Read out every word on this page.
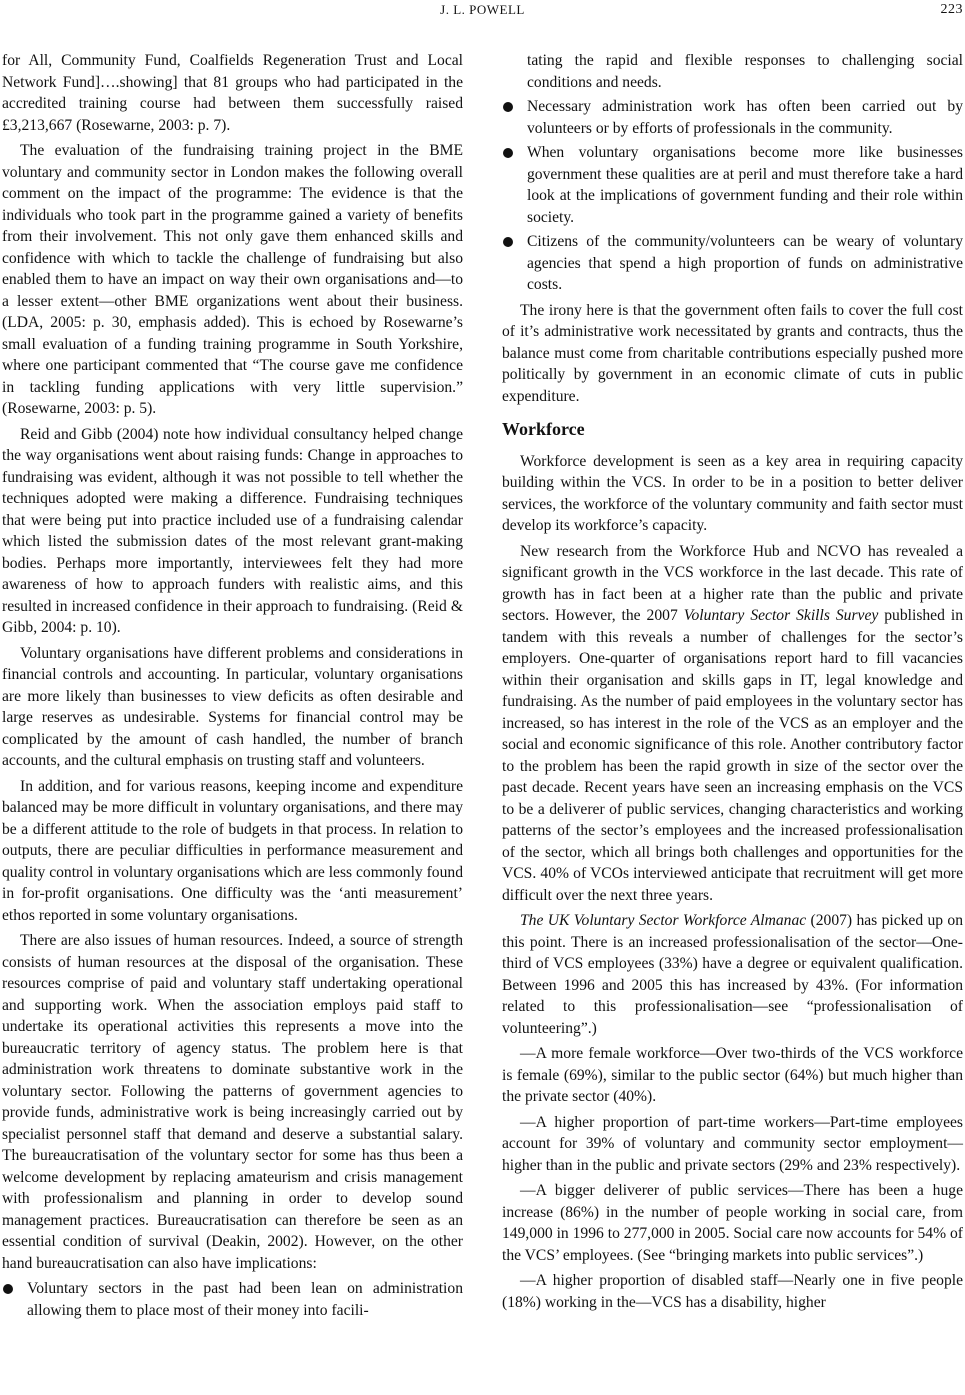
J. L. POWELL	223

for All, Community Fund, Coalfields Regeneration Trust and Local Network Fund]….showing] that 81 groups who had participated in the accredited training course had between them successfully raised £3,213,667 (Rosewarne, 2003: p. 7).

The evaluation of the fundraising training project in the BME voluntary and community sector in London makes the following overall comment on the impact of the programme: The evidence is that the individuals who took part in the programme gained a variety of benefits from their involvement. This not only gave them enhanced skills and confidence with which to tackle the challenge of fundraising but also enabled them to have an impact on way their own organisations and—to a lesser extent—other BME organizations went about their business. (LDA, 2005: p. 30, emphasis added). This is echoed by Rosewarne’s small evaluation of a funding training programme in South Yorkshire, where one participant commented that “The course gave me confidence in tackling funding applications with very little supervision.” (Rosewarne, 2003: p. 5).

Reid and Gibb (2004) note how individual consultancy helped change the way organisations went about raising funds: Change in approaches to fundraising was evident, although it was not possible to tell whether the techniques adopted were making a difference. Fundraising techniques that were being put into practice included use of a fundraising calendar which listed the submission dates of the most relevant grant-making bodies. Perhaps more importantly, interviewees felt they had more awareness of how to approach funders with realistic aims, and this resulted in increased confidence in their approach to fundraising. (Reid & Gibb, 2004: p. 10).

Voluntary organisations have different problems and considerations in financial controls and accounting. In particular, voluntary organisations are more likely than businesses to view deficits as often desirable and large reserves as undesirable. Systems for financial control may be complicated by the amount of cash handled, the number of branch accounts, and the cultural emphasis on trusting staff and volunteers.

In addition, and for various reasons, keeping income and expenditure balanced may be more difficult in voluntary organisations, and there may be a different attitude to the role of budgets in that process. In relation to outputs, there are peculiar difficulties in performance measurement and quality control in voluntary organisations which are less commonly found in for-profit organisations. One difficulty was the ‘anti measurement’ ethos reported in some voluntary organisations.

There are also issues of human resources. Indeed, a source of strength consists of human resources at the disposal of the organisation. These resources comprise of paid and voluntary staff undertaking operational and supporting work. When the association employs paid staff to undertake its operational activities this represents a move into the bureaucratic territory of agency status. The problem here is that administration work threatens to dominate substantive work in the voluntary sector. Following the patterns of government agencies to provide funds, administrative work is being increasingly carried out by specialist personnel staff that demand and deserve a substantial salary. The bureaucratisation of the voluntary sector for some has thus been a welcome development by replacing amateurism and crisis management with professionalism and planning in order to develop sound management practices. Bureaucratisation can therefore be seen as an essential condition of survival (Deakin, 2002). However, on the other hand bureaucratisation can also have implications:

Voluntary sectors in the past had been lean on administration allowing them to place most of their money into facili-
tating the rapid and flexible responses to challenging social conditions and needs.
Necessary administration work has often been carried out by volunteers or by efforts of professionals in the community.
When voluntary organisations become more like businesses government these qualities are at peril and must therefore take a hard look at the implications of government funding and their role within society.
Citizens of the community/volunteers can be weary of voluntary agencies that spend a high proportion of funds on administrative costs.

The irony here is that the government often fails to cover the full cost of it’s administrative work necessitated by grants and contracts, thus the balance must come from charitable contributions especially pushed more politically by government in an economic climate of cuts in public expenditure.

Workforce

Workforce development is seen as a key area in requiring capacity building within the VCS. In order to be in a position to better deliver services, the workforce of the voluntary community and faith sector must develop its workforce’s capacity.

New research from the Workforce Hub and NCVO has revealed a significant growth in the VCS workforce in the last decade. This rate of growth has in fact been at a higher rate than the public and private sectors. However, the 2007 Voluntary Sector Skills Survey published in tandem with this reveals a number of challenges for the sector’s employers. One-quarter of organisations report hard to fill vacancies within their organisation and skills gaps in IT, legal knowledge and fundraising. As the number of paid employees in the voluntary sector has increased, so has interest in the role of the VCS as an employer and the social and economic significance of this role. Another contributory factor to the problem has been the rapid growth in size of the sector over the past decade. Recent years have seen an increasing emphasis on the VCS to be a deliverer of public services, changing characteristics and working patterns of the sector’s employees and the increased professionalisation of the sector, which all brings both challenges and opportunities for the VCS. 40% of VCOs interviewed anticipate that recruitment will get more difficult over the next three years.

The UK Voluntary Sector Workforce Almanac (2007) has picked up on this point. There is an increased professionalisation of the sector—One-third of VCS employees (33%) have a degree or equivalent qualification. Between 1996 and 2005 this has increased by 43%. (For information related to this professionalisation—see “professionalisation of volunteering”.)

—A more female workforce—Over two-thirds of the VCS workforce is female (69%), similar to the public sector (64%) but much higher than the private sector (40%).

—A higher proportion of part-time workers—Part-time employees account for 39% of voluntary and community sector employment—higher than in the public and private sectors (29% and 23% respectively).

—A bigger deliverer of public services—There has been a huge increase (86%) in the number of people working in social care, from 149,000 in 1996 to 277,000 in 2005. Social care now accounts for 54% of the VCS’ employees. (See “bringing markets into public services”.)

—A higher proportion of disabled staff—Nearly one in five people (18%) working in the—VCS has a disability, higher
